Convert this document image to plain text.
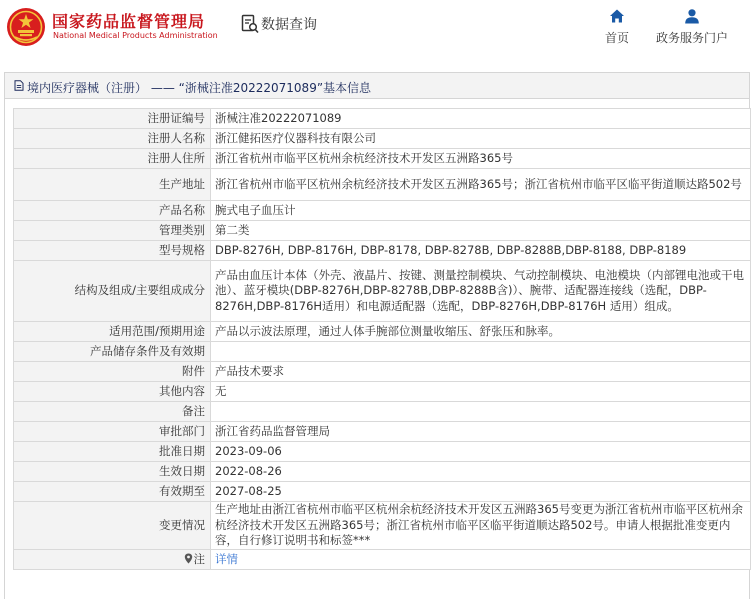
国家药品监督管理局
National Medical Products Administration
数据查询
首页	政务服务门户
境内医疗器械（注册） —— “浙械注准20222071089”基本信息
注册证编号	浙械注准20222071089
注册人名称	浙江健拓医疗仪器科技有限公司
注册人住所	浙江省杭州市临平区杭州余杭经济技术开发区五洲路365号
生产地址	浙江省杭州市临平区杭州余杭经济技术开发区五洲路365号；浙江省杭州市临平区临平街道顺达路502号
产品名称	腕式电子血压计
管理类别	第二类
型号规格	DBP-8276H, DBP-8176H, DBP-8178, DBP-8278B, DBP-8288B,DBP-8188, DBP-8189
结构及组成/主要组成成分	产品由血压计本体（外壳、液晶片、按键、测量控制模块、气动控制模块、电池模块（内部锂电池或干电池）、蓝牙模块(DBP-8276H,DBP-8278B,DBP-8288B含)）、腕带、适配器连接线（选配，DBP-8276H,DBP-8176H适用）和电源适配器（选配，DBP-8276H,DBP-8176H 适用）组成。
适用范围/预期用途	产品以示波法原理，通过人体手腕部位测量收缩压、舒张压和脉率。
产品储存条件及有效期	
附件	产品技术要求
其他内容	无
备注	
审批部门	浙江省药品监督管理局
批准日期	2023-09-06
生效日期	2022-08-26
有效期至	2027-08-25
变更情况	生产地址由浙江省杭州市临平区杭州余杭经济技术开发区五洲路365号变更为浙江省杭州市临平区杭州余杭经济技术开发区五洲路365号；浙江省杭州市临平区临平街道顺达路502号。申请人根据批准变更内容，自行修订说明书和标签***
注	详情
